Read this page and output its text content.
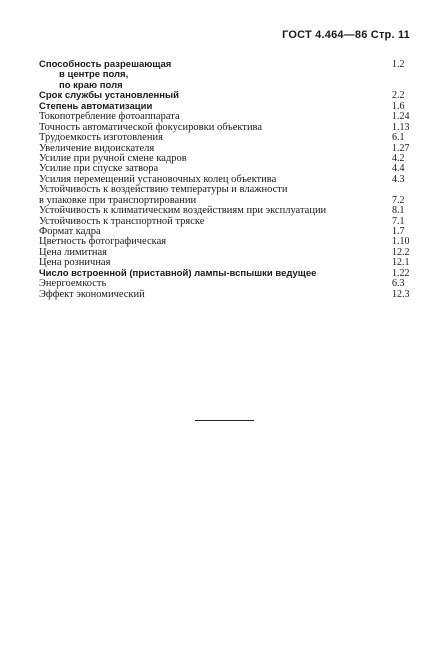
ГОСТ 4.464—86 Стр. 11
Способность разрешающая	1.2
в центре поля,
по краю поля
Срок службы установленный	2.2
Степень автоматизации	1.6
Токопотребление фотоаппарата	1.24
Точность автоматической фокусировки объектива	1.13
Трудоемкость изготовления	6.1
Увеличение видоискателя	1.27
Усилие при ручной смене кадров	4.2
Усилие при спуске затвора	4.4
Усилия перемещений установочных колец объектива	4.3
Устойчивость к воздействию температуры и влажности
в упаковке при транспортировании	7.2
Устойчивость к климатическим воздействиям при эксплуатации	8.1
Устойчивость к транспортной тряске	7.1
Формат кадра	1.7
Цветность фотографическая	1.10
Цена лимитная	12.2
Цена розничная	12.1
Число встроенной (приставной) лампы-вспышки ведущее	1.22
Энергоемкость	6.3
Эффект экономический	12.3
